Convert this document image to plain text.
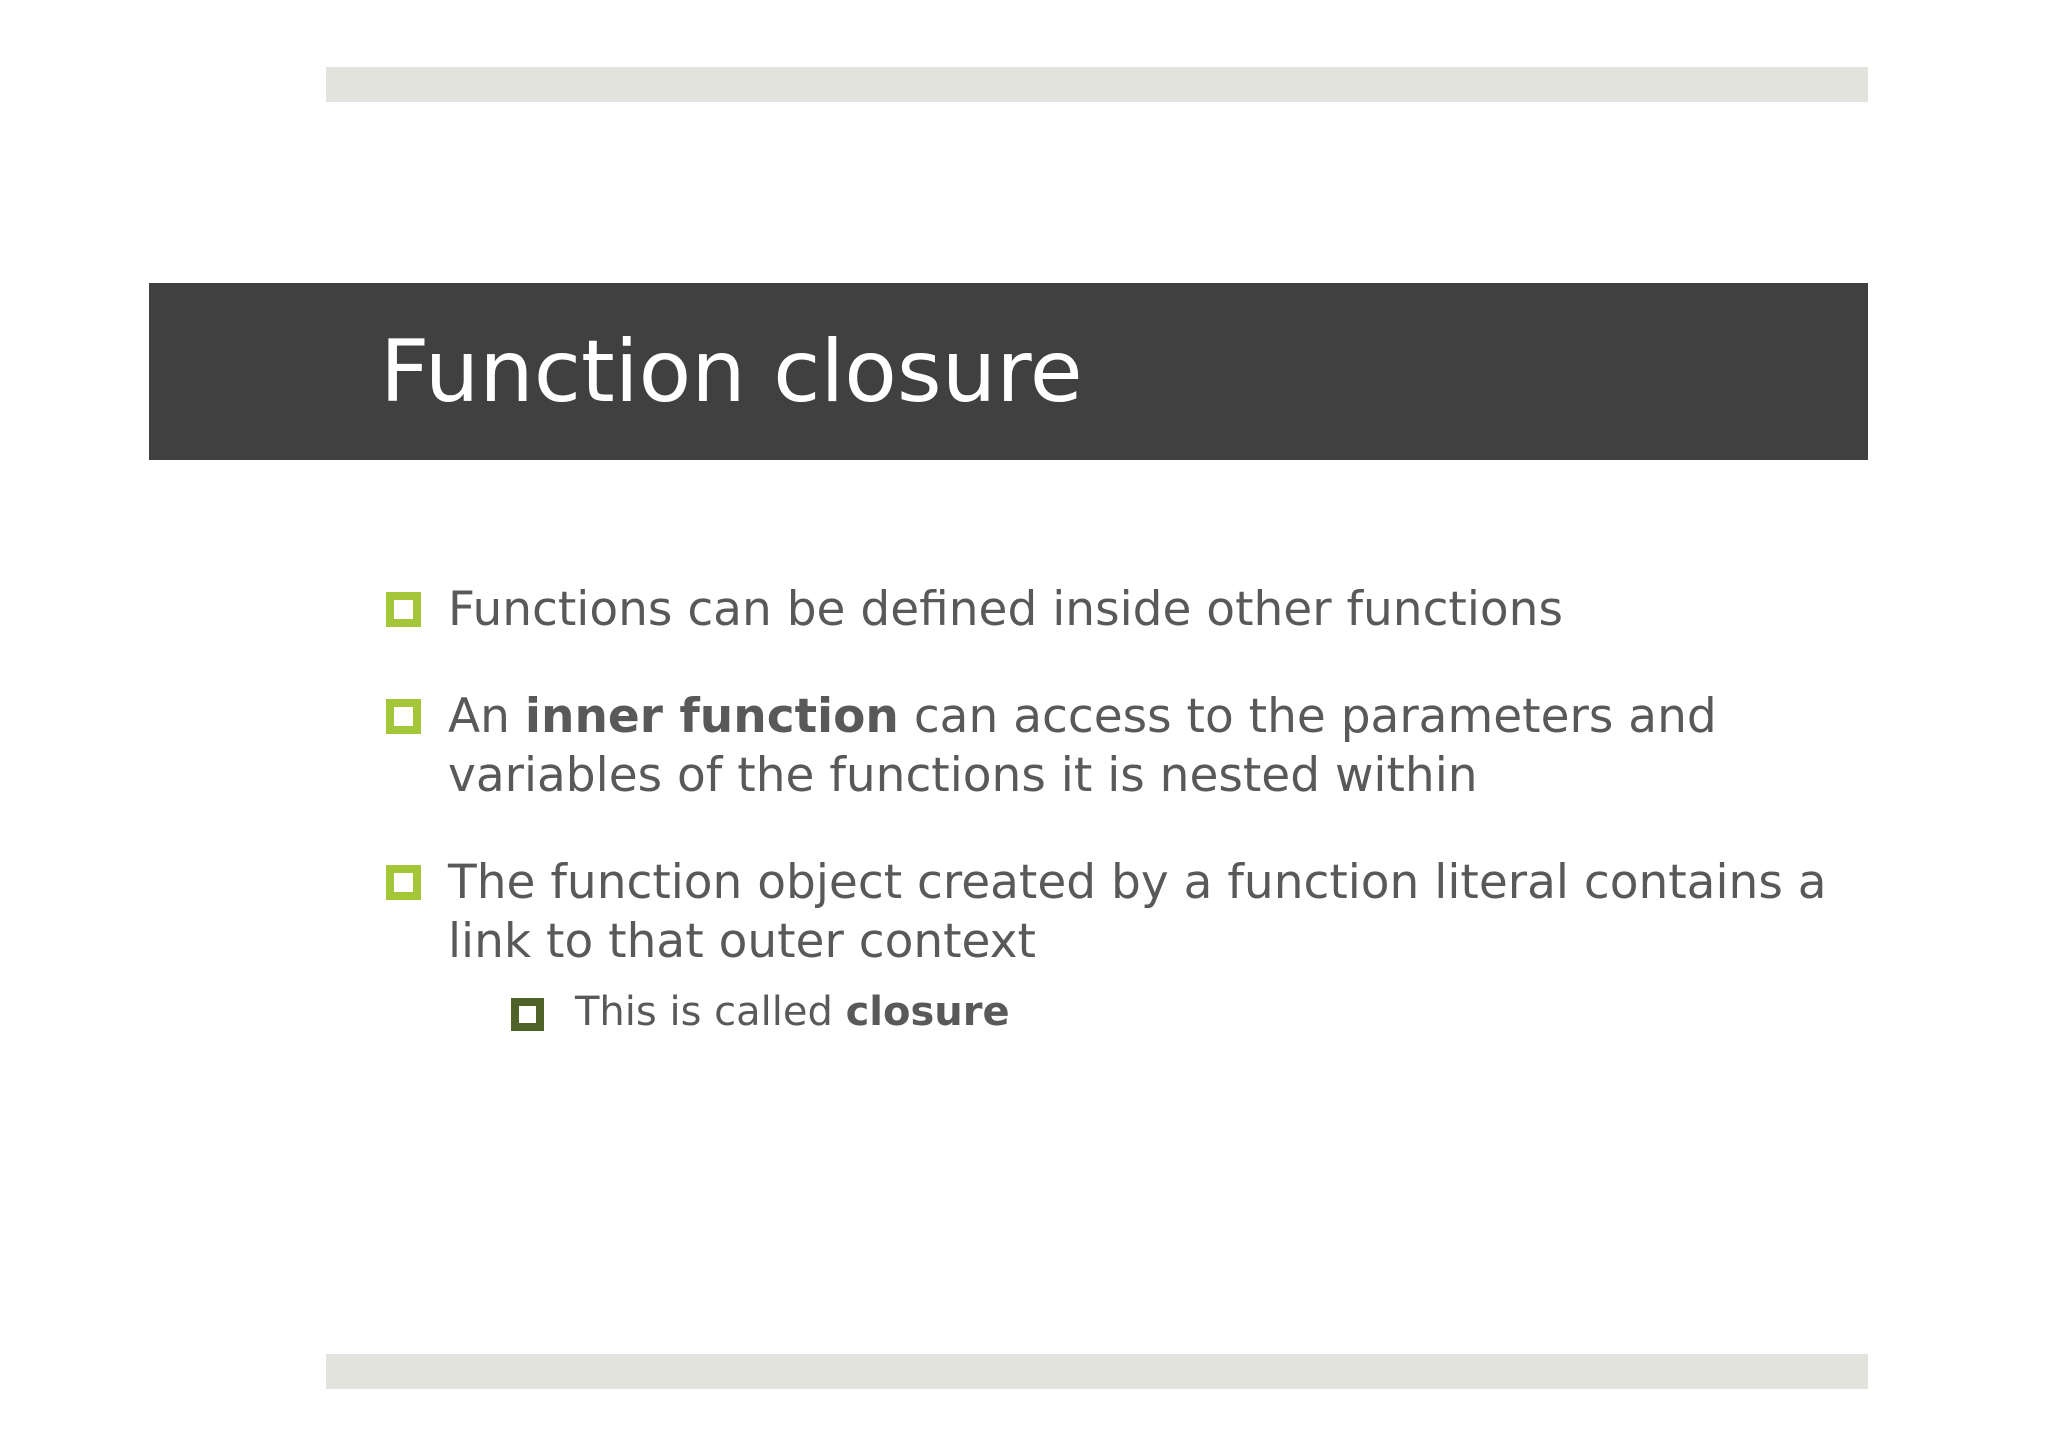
Function closure
Functions can be defined inside other functions
An inner function can access to the parameters and variables of the functions it is nested within
The function object created by a function literal contains a link to that outer context
This is called closure
